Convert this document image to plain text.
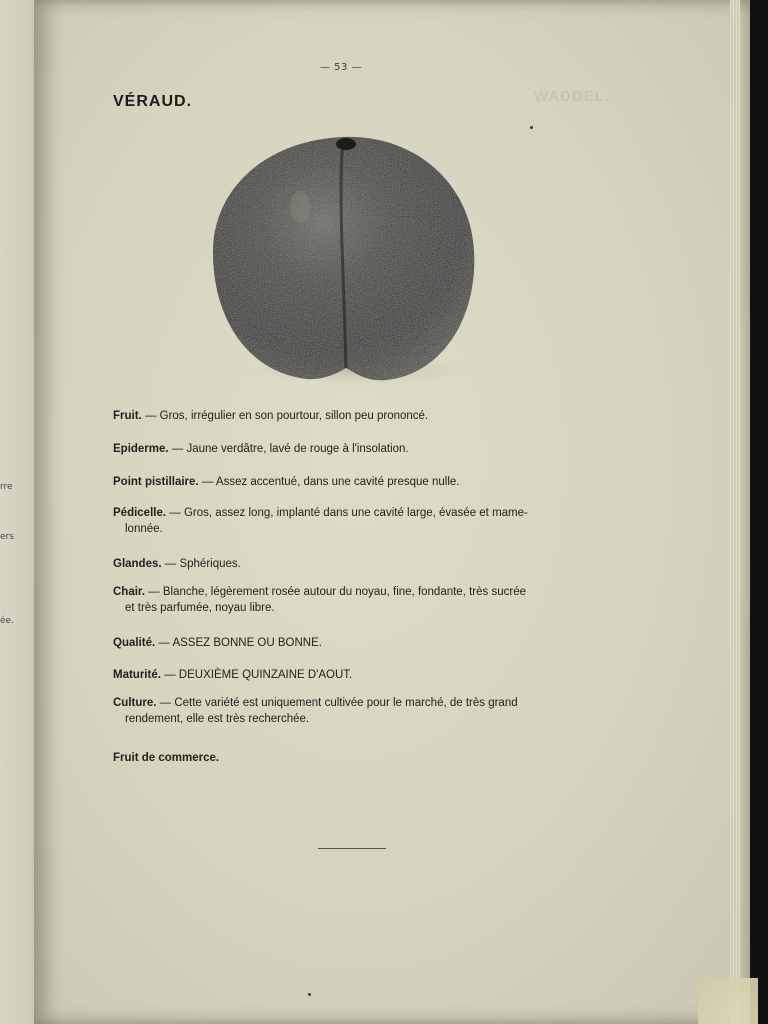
rre
ers
ée.
WADDEL.
— 53 —
VÉRAUD.
Fruit. — Gros, irrégulier en son pourtour, sillon peu prononcé.
Epiderme. — Jaune verdâtre, lavé de rouge à l'insolation.
Point pistillaire. — Assez accentué, dans une cavité presque nulle.
Pédicelle. — Gros, assez long, implanté dans une cavité large, évasée et mame-
lonnée.
Glandes. — Sphériques.
Chair. — Blanche, légèrement rosée autour du noyau, fine, fondante, très sucrée
et très parfumée, noyau libre.
Qualité. — ASSEZ BONNE OU BONNE.
Maturité. — DEUXIÈME QUINZAINE D'AOUT.
Culture. — Cette variété est uniquement cultivée pour le marché, de très grand
rendement, elle est très recherchée.
Fruit de commerce.
